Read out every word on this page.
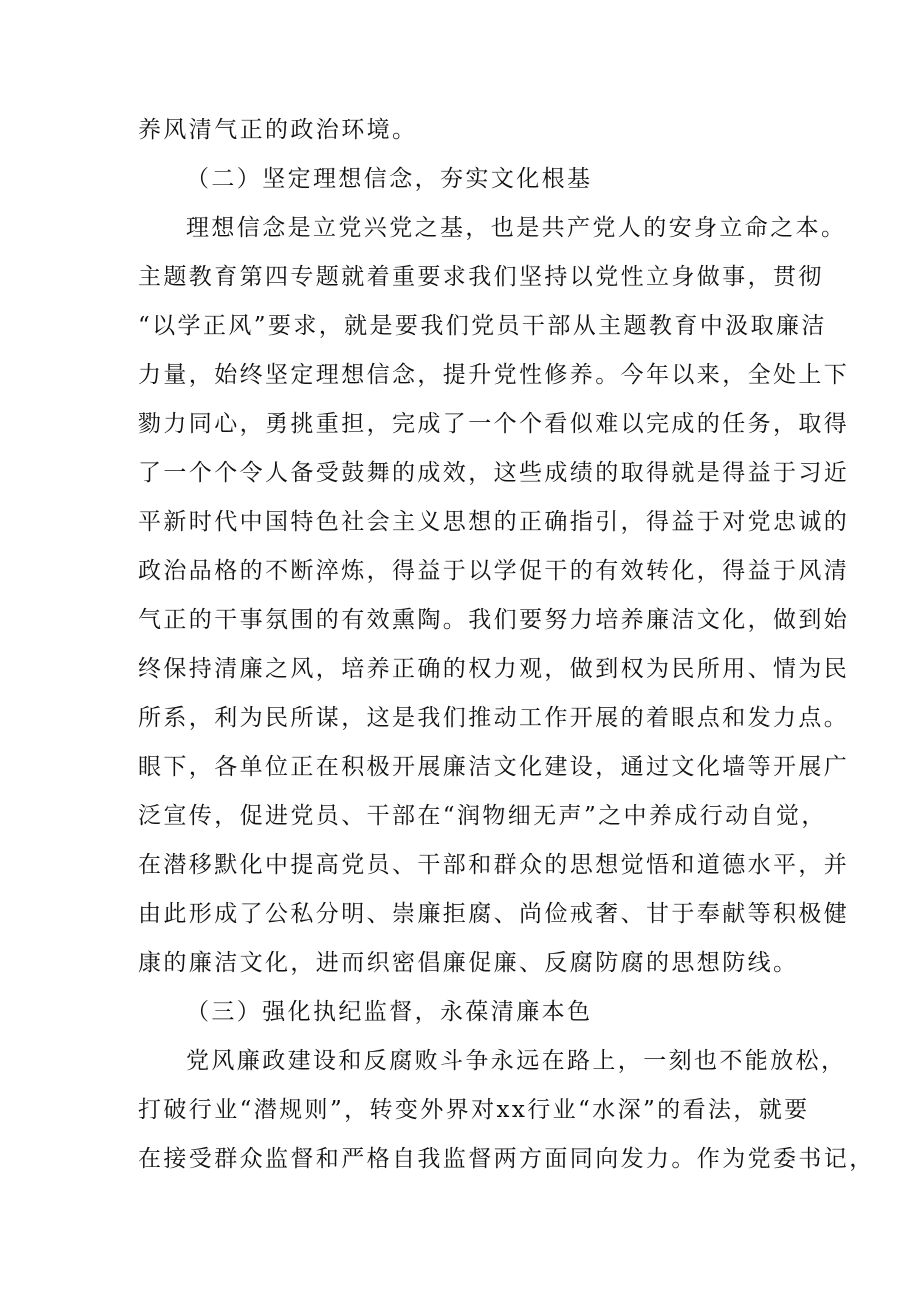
养风清气正的政治环境。
（二）坚定理想信念，夯实文化根基
理想信念是立党兴党之基，也是共产党人的安身立命之本。
主题教育第四专题就着重要求我们坚持以党性立身做事，贯彻
“以学正风”要求，就是要我们党员干部从主题教育中汲取廉洁
力量，始终坚定理想信念，提升党性修养。今年以来，全处上下
勠力同心，勇挑重担，完成了一个个看似难以完成的任务，取得
了一个个令人备受鼓舞的成效，这些成绩的取得就是得益于习近
平新时代中国特色社会主义思想的正确指引，得益于对党忠诚的
政治品格的不断淬炼，得益于以学促干的有效转化，得益于风清
气正的干事氛围的有效熏陶。我们要努力培养廉洁文化，做到始
终保持清廉之风，培养正确的权力观，做到权为民所用、情为民
所系，利为民所谋，这是我们推动工作开展的着眼点和发力点。
眼下，各单位正在积极开展廉洁文化建设，通过文化墙等开展广
泛宣传，促进党员、干部在“润物细无声”之中养成行动自觉，
在潜移默化中提高党员、干部和群众的思想觉悟和道德水平，并
由此形成了公私分明、崇廉拒腐、尚俭戒奢、甘于奉献等积极健
康的廉洁文化，进而织密倡廉促廉、反腐防腐的思想防线。
（三）强化执纪监督，永葆清廉本色
党风廉政建设和反腐败斗争永远在路上，一刻也不能放松，
打破行业“潜规则”，转变外界对xx行业“水深”的看法，就要
在接受群众监督和严格自我监督两方面同向发力。作为党委书记，
